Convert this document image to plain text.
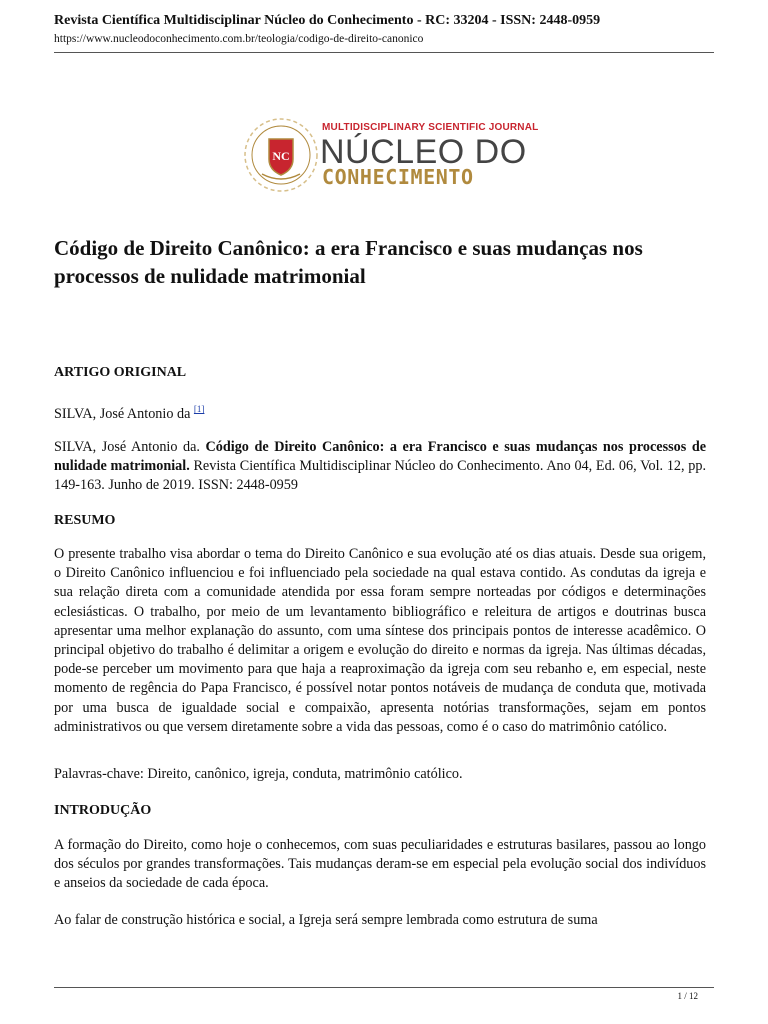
Revista Científica Multidisciplinar Núcleo do Conhecimento - RC: 33204 - ISSN: 2448-0959
https://www.nucleodoconhecimento.com.br/teologia/codigo-de-direito-canonico
NC
MULTIDISCIPLINARY SCIENTIFIC JOURNAL
NÚCLEO DO
CONHECIMENTO
Código de Direito Canônico: a era Francisco e suas mudanças nos processos de nulidade matrimonial
ARTIGO ORIGINAL
SILVA, José Antonio da [1]
SILVA, José Antonio da. Código de Direito Canônico: a era Francisco e suas mudanças nos processos de nulidade matrimonial. Revista Científica Multidisciplinar Núcleo do Conhecimento. Ano 04, Ed. 06, Vol. 12, pp. 149-163. Junho de 2019. ISSN: 2448-0959
RESUMO
O presente trabalho visa abordar o tema do Direito Canônico e sua evolução até os dias atuais. Desde sua origem, o Direito Canônico influenciou e foi influenciado pela sociedade na qual estava contido. As condutas da igreja e sua relação direta com a comunidade atendida por essa foram sempre norteadas por códigos e determinações eclesiásticas. O trabalho, por meio de um levantamento bibliográfico e releitura de artigos e doutrinas busca apresentar uma melhor explanação do assunto, com uma síntese dos principais pontos de interesse acadêmico. O principal objetivo do trabalho é delimitar a origem e evolução do direito e normas da igreja. Nas últimas décadas, pode-se perceber um movimento para que haja a reaproximação da igreja com seu rebanho e, em especial, neste momento de regência do Papa Francisco, é possível notar pontos notáveis de mudança de conduta que, motivada por uma busca de igualdade social e compaixão, apresenta notórias transformações, sejam em pontos administrativos ou que versem diretamente sobre a vida das pessoas, como é o caso do matrimônio católico.
Palavras-chave: Direito, canônico, igreja, conduta, matrimônio católico.
INTRODUÇÃO
A formação do Direito, como hoje o conhecemos, com suas peculiaridades e estruturas basilares, passou ao longo dos séculos por grandes transformações. Tais mudanças deram-se em especial pela evolução social dos indivíduos e anseios da sociedade de cada época.
Ao falar de construção histórica e social, a Igreja será sempre lembrada como estrutura de suma
1 / 12
